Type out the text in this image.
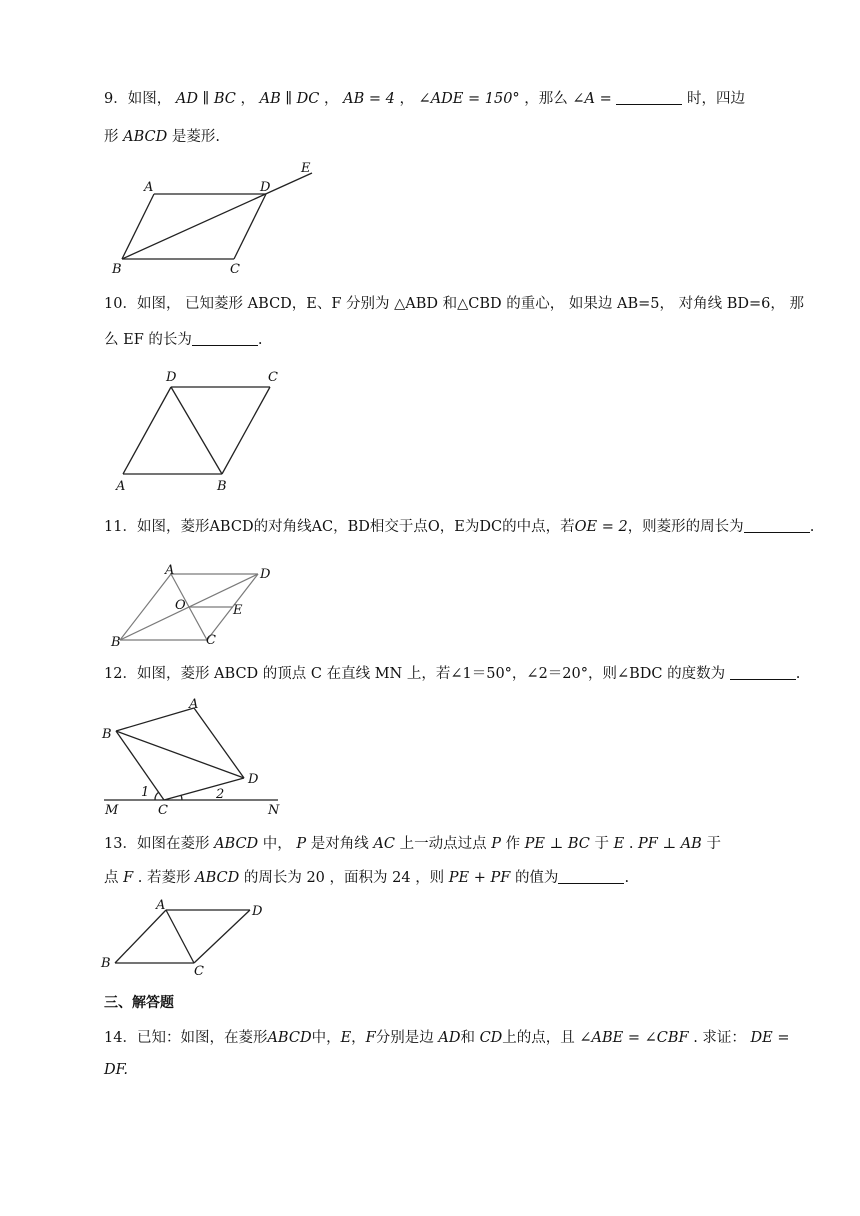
9．如图， AD ∥ BC ， AB ∥ DC ， AB = 4 ， ∠ADE = 150° ，那么 ∠A =	时，四边
形 ABCD 是菱形.
A	D
E
B	C
10．如图， 已知菱形 ABCD，E、F 分别为 △ABD 和△CBD 的重心， 如果边 AB=5， 对角线 BD=6， 那
么 EF 的长为	.
D	C
A	B
11．如图，菱形ABCD的对角线AC，BD相交于点O，E为DC的中点，若OE = 2，则菱形的周长为	.
A	D
O	E
B	C
12．如图，菱形 ABCD 的顶点 C 在直线 MN 上，若∠1＝50°，∠2＝20°，则∠BDC 的度数为	.
A
B
D
M	C	N
1	2
13．如图在菱形 ABCD 中， P 是对角线 AC 上一动点过点 P 作 PE ⊥ BC 于 E . PF ⊥ AB 于
点 F . 若菱形 ABCD 的周长为 20 ，面积为 24 ，则 PE + PF 的值为	.
A	D
B
C
三、解答题
14．已知：如图，在菱形ABCD中，E，F分别是边 AD和 CD上的点，且 ∠ABE = ∠CBF . 求证： DE =
DF.
